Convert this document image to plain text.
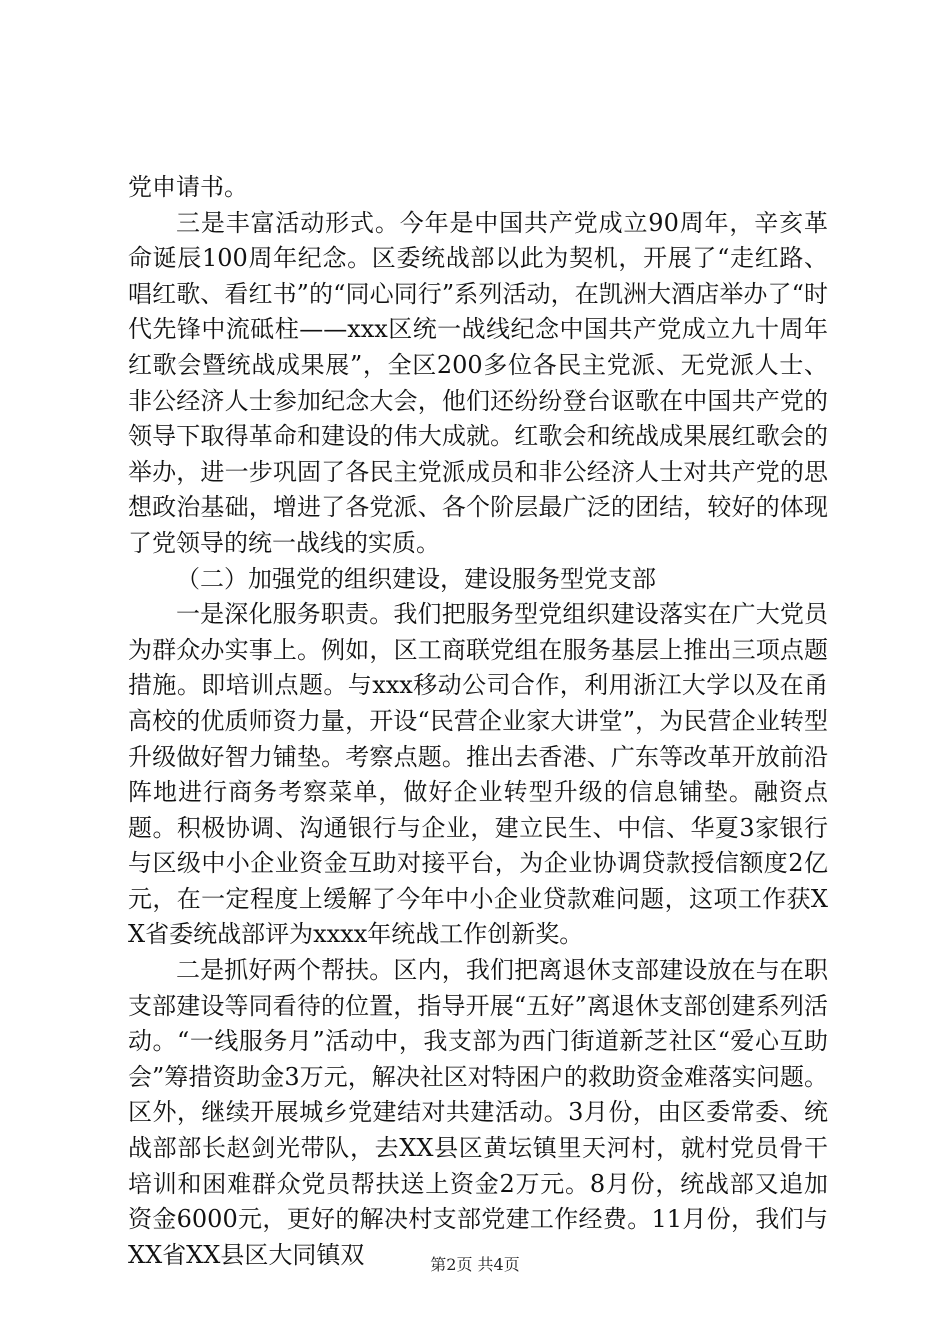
党申请书。

三是丰富活动形式。今年是中国共产党成立90周年，辛亥革命诞辰100周年纪念。区委统战部以此为契机，开展了“走红路、唱红歌、看红书”的“同心同行”系列活动，在凯洲大酒店举办了“时代先锋中流砥柱——xxx区统一战线纪念中国共产党成立九十周年红歌会暨统战成果展”，全区200多位各民主党派、无党派人士、非公经济人士参加纪念大会，他们还纷纷登台讴歌在中国共产党的领导下取得革命和建设的伟大成就。红歌会和统战成果展红歌会的举办，进一步巩固了各民主党派成员和非公经济人士对共产党的思想政治基础，增进了各党派、各个阶层最广泛的团结，较好的体现了党领导的统一战线的实质。

（二）加强党的组织建设，建设服务型党支部

一是深化服务职责。我们把服务型党组织建设落实在广大党员为群众办实事上。例如，区工商联党组在服务基层上推出三项点题措施。即培训点题。与xxx移动公司合作，利用浙江大学以及在甬高校的优质师资力量，开设“民营企业家大讲堂”，为民营企业转型升级做好智力铺垫。考察点题。推出去香港、广东等改革开放前沿阵地进行商务考察菜单，做好企业转型升级的信息铺垫。融资点题。积极协调、沟通银行与企业，建立民生、中信、华夏3家银行与区级中小企业资金互助对接平台，为企业协调贷款授信额度2亿元，在一定程度上缓解了今年中小企业贷款难问题，这项工作获XX省委统战部评为xxxx年统战工作创新奖。

二是抓好两个帮扶。区内，我们把离退休支部建设放在与在职支部建设等同看待的位置，指导开展“五好”离退休支部创建系列活动。“一线服务月”活动中，我支部为西门街道新芝社区“爱心互助会”筹措资助金3万元，解决社区对特困户的救助资金难落实问题。区外，继续开展城乡党建结对共建活动。3月份，由区委常委、统战部部长赵剑光带队，去XX县区黄坛镇里天河村，就村党员骨干培训和困难群众党员帮扶送上资金2万元。8月份，统战部又追加资金6000元，更好的解决村支部党建工作经费。11月份，我们与XX省XX县区大同镇双	第2页 共4页
